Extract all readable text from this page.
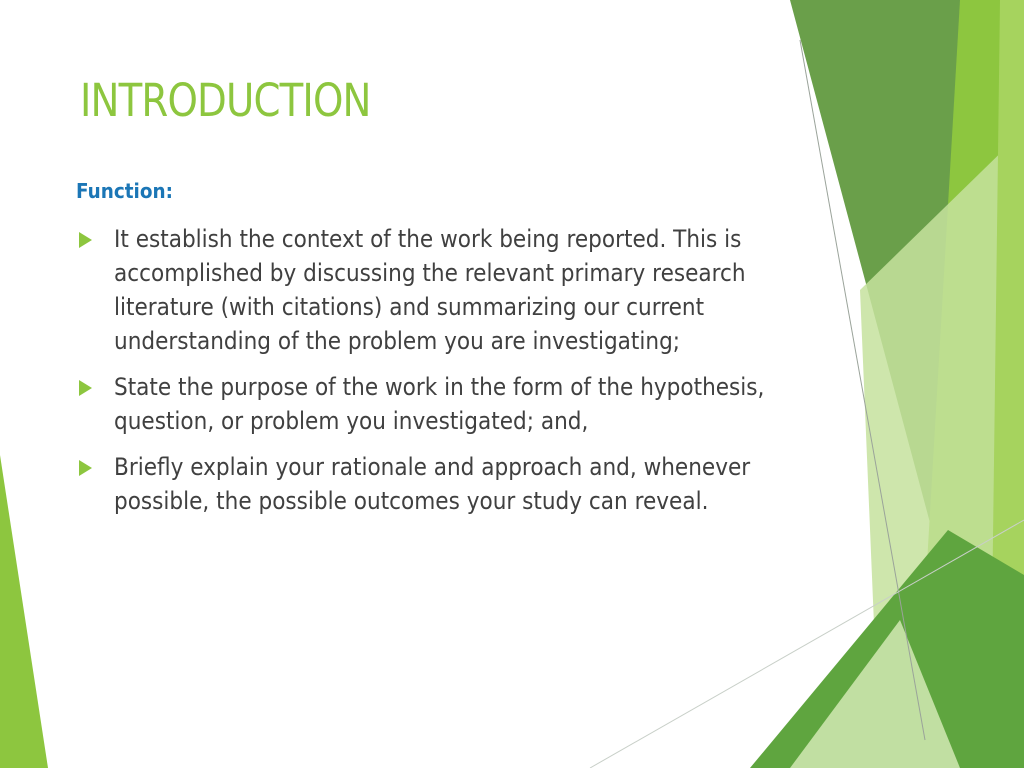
INTRODUCTION
Function:
It establish the context of the work being reported. This is accomplished by discussing the relevant primary research literature (with citations) and summarizing our current understanding of the problem you are investigating;
State the purpose of the work in the form of the hypothesis, question, or problem you investigated; and,
Briefly explain your rationale and approach and, whenever possible, the possible outcomes your study can reveal.
